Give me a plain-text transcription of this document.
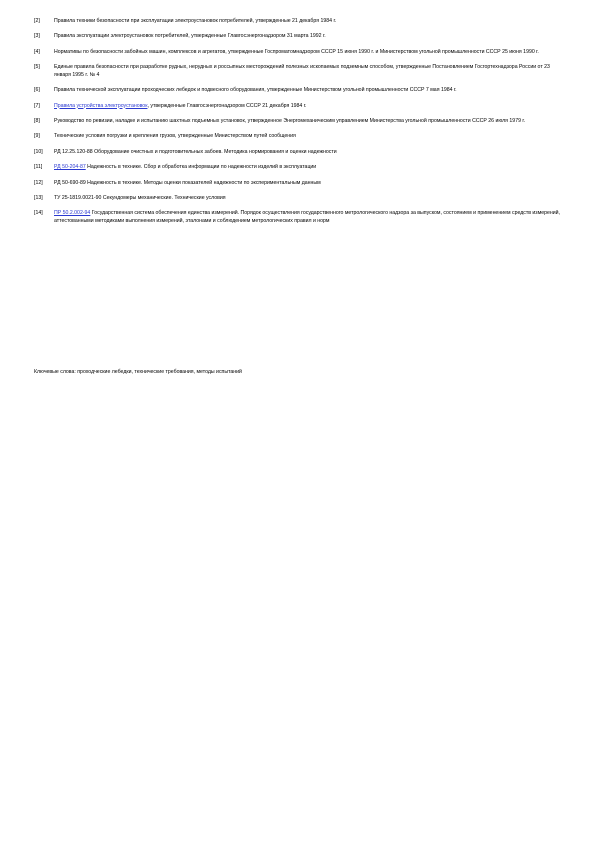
[2]	Правила техники безопасности при эксплуатации электроустановок потребителей, утвержденные 21 декабря 1984 г.
[3]	Правила эксплуатации электроустановок потребителей, утвержденные Главгосэнергонадзором 31 марта 1992 г.
[4]	Нормативы по безопасности забойных машин, комплексов и агрегатов, утвержденные Госпроматомнадзором СССР 15 июня 1990 г. и Министерством угольной промышленности СССР 25 июня 1990 г.
[5]	Единые правила безопасности при разработке рудных, нерудных и россыпных месторождений полезных ископаемых подземным способом, утвержденные Постановлением Госгортехнадзора России от 23 января 1995 г. № 4
[6]	Правила технической эксплуатации проходческих лебедок и подвесного оборудования, утвержденные Министерством угольной промышленности СССР 7 мая 1984 г.
[7]	Правила устройства электроустановок, утвержденные Главгосэнергонадзором СССР 21 декабря 1984 г.
[8]	Руководство по ревизии, наладке и испытанию шахтных подъемных установок, утвержденное Энергомеханическим управлением Министерства угольной промышленности СССР 26 июля 1979 г.
[9]	Технические условия погрузки и крепления грузов, утвержденные Министерством путей сообщения
[10]	РД 12.25.120-88 Оборудование очистных и подготовительных забоев. Методика нормирования и оценки надежности
[11]	РД 50-204-87 Надежность в технике. Сбор и обработка информации по надежности изделий в эксплуатации
[12]	РД 50-690-89 Надежность в технике. Методы оценки показателей надежности по экспериментальным данным
[13]	ТУ 25-1819.0021-90 Секундомеры механические. Технические условия
[14]	ПР 50.2.002-94 Государственная система обеспечения единства измерений. Порядок осуществления государственного метрологического надзора за выпуском, состоянием и применением средств измерений, аттестованными методиками выполнения измерений, эталонами и соблюдением метрологических правил и норм
Ключевые слова: проходческие лебедки, технические требования, методы испытаний
